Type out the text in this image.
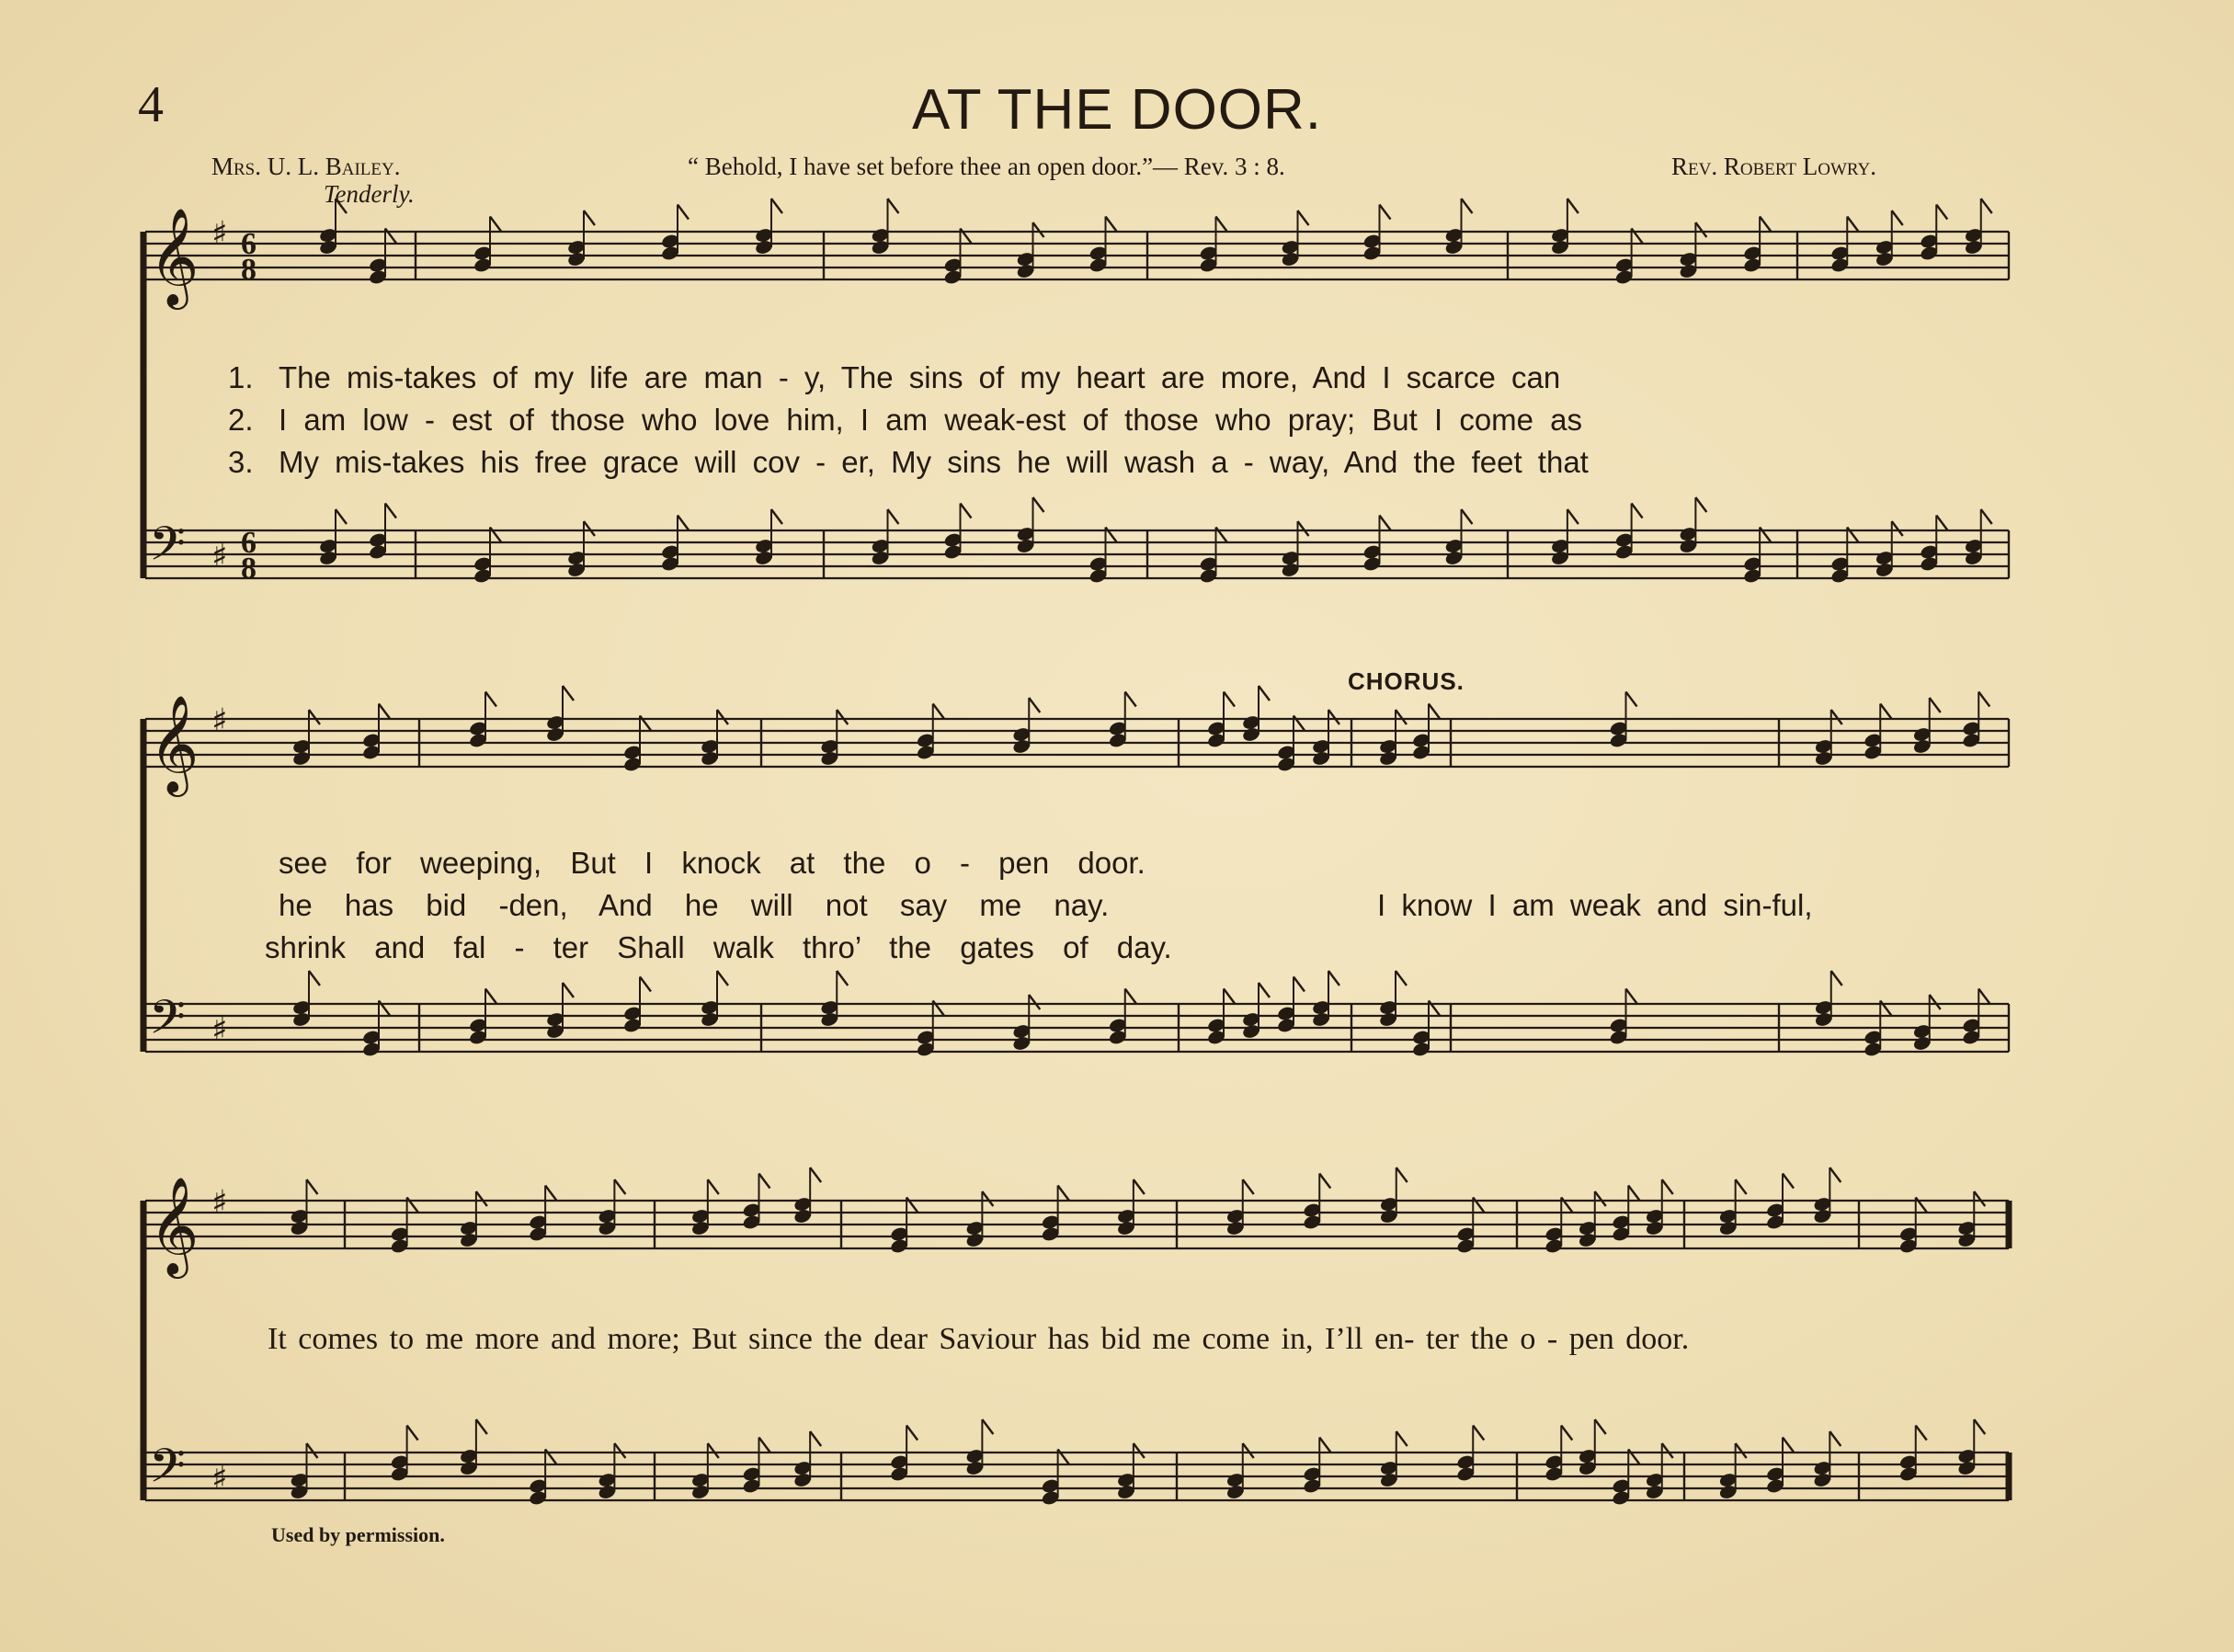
4	AT THE DOOR.
Mrs. U. L. Bailey.	“ Behold, I have set before thee an open door.”— Rev. 3 : 8.	Rev. Robert Lowry.
Tenderly.
𝄞 ♯ 6
8
𝄢 ♯ 6
8
𝄞 ♯
𝄢 ♯
𝄞 ♯
𝄢 ♯
1. The mis-takes of my life are man - y, The sins of my heart are more, And I scarce can
2. I am low - est of those who love him, I am weak-est of those who pray; But I come as
3. My mis-takes his free grace will cov - er, My sins he will wash a - way, And the feet that
CHORUS.
see for weeping, But I knock at the o - pen door.
he has bid -den, And he will not say me nay.	I know I am weak and sin-ful,
shrink and fal - ter Shall walk thro’ the gates of day.
It comes to me more and more; But since the dear Saviour has bid me come in, I’ll en- ter the o - pen door.
Used by permission.
